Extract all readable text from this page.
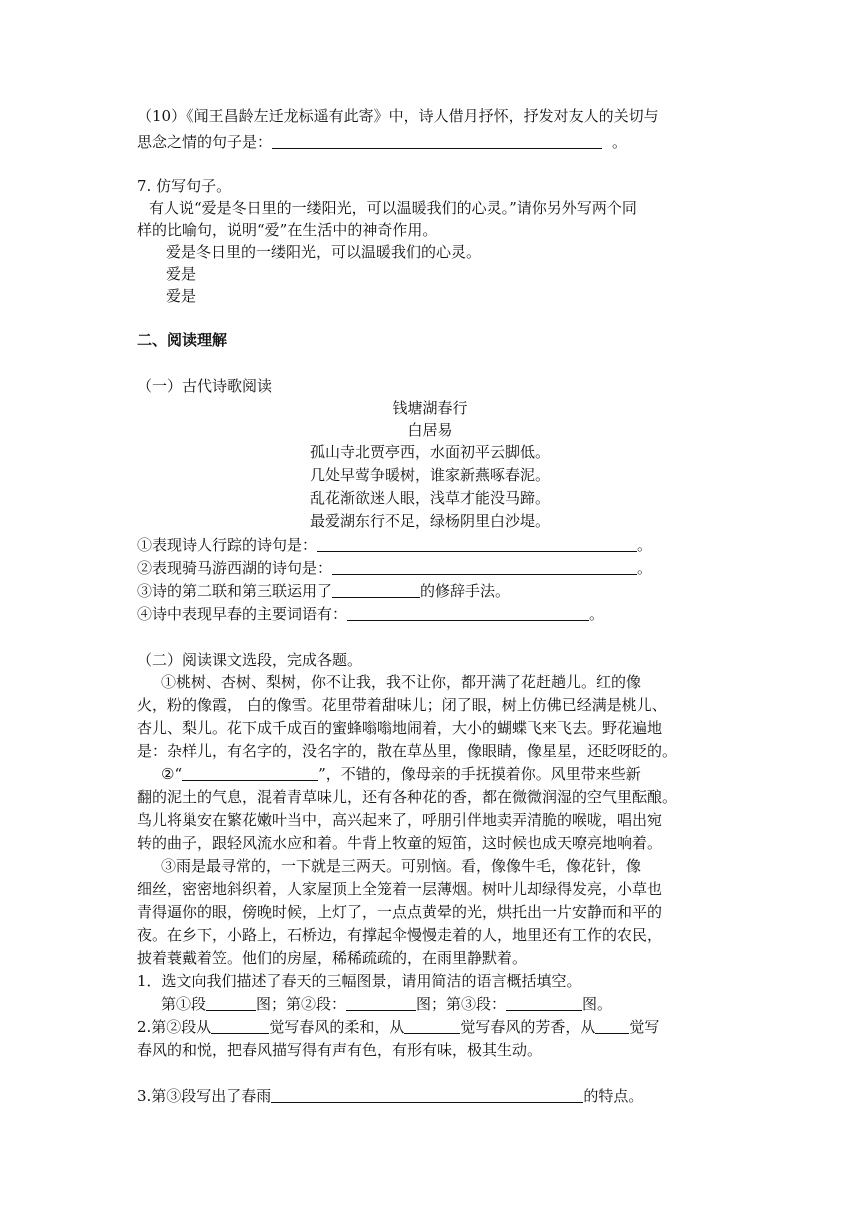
（10）《闻王昌龄左迁龙标遥有此寄》中，诗人借月抒怀，抒发对友人的关切与
思念之情的句子是：	。
7. 仿写句子。
有人说“爱是冬日里的一缕阳光，可以温暖我们的心灵。”请你另外写两个同
样的比喻句，说明“爱”在生活中的神奇作用。
爱是冬日里的一缕阳光，可以温暖我们的心灵。
爱是
爱是
二、阅读理解
（一）古代诗歌阅读
钱塘湖春行
白居易
孤山寺北贾亭西，水面初平云脚低。
几处早莺争暖树，谁家新燕啄春泥。
乱花渐欲迷人眼，浅草才能没马蹄。
最爱湖东行不足，绿杨阴里白沙堤。
①表现诗人行踪的诗句是：	。
②表现骑马游西湖的诗句是：	。
③诗的第二联和第三联运用了	的修辞手法。
④诗中表现早春的主要词语有：	。
（二）阅读课文选段，完成各题。
①桃树、杏树、梨树，你不让我，我不让你，都开满了花赶趟儿。红的像
火，粉的像霞， 白的像雪。花里带着甜味儿；闭了眼，树上仿佛已经满是桃儿、
杏儿、梨儿。花下成千成百的蜜蜂嗡嗡地闹着，大小的蝴蝶飞来飞去。野花遍地
是：杂样儿，有名字的，没名字的，散在草丛里，像眼睛，像星星，还眨呀眨的。
②“	”，不错的，像母亲的手抚摸着你。风里带来些新
翻的泥土的气息，混着青草味儿，还有各种花的香，都在微微润湿的空气里酝酿。
鸟儿将巢安在繁花嫩叶当中，高兴起来了，呼朋引伴地卖弄清脆的喉咙，唱出宛
转的曲子，跟轻风流水应和着。牛背上牧童的短笛，这时候也成天嘹亮地响着。
③雨是最寻常的，一下就是三两天。可别恼。看，像像牛毛，像花针，像
细丝，密密地斜织着，人家屋顶上全笼着一层薄烟。树叶儿却绿得发亮，小草也
青得逼你的眼，傍晚时候，上灯了，一点点黄晕的光，烘托出一片安静而和平的
夜。在乡下，小路上，石桥边，有撑起伞慢慢走着的人，地里还有工作的农民，
披着蓑戴着笠。他们的房屋，稀稀疏疏的，在雨里静默着。
1．选文向我们描述了春天的三幅图景，请用简洁的语言概括填空。
第①段	图；第②段：	图；第③段：	图。
2.第②段从	觉写春风的柔和，从	觉写春风的芳香，从 觉写
春风的和悦，把春风描写得有声有色，有形有味，极其生动。
3.第③段写出了春雨	的特点。
